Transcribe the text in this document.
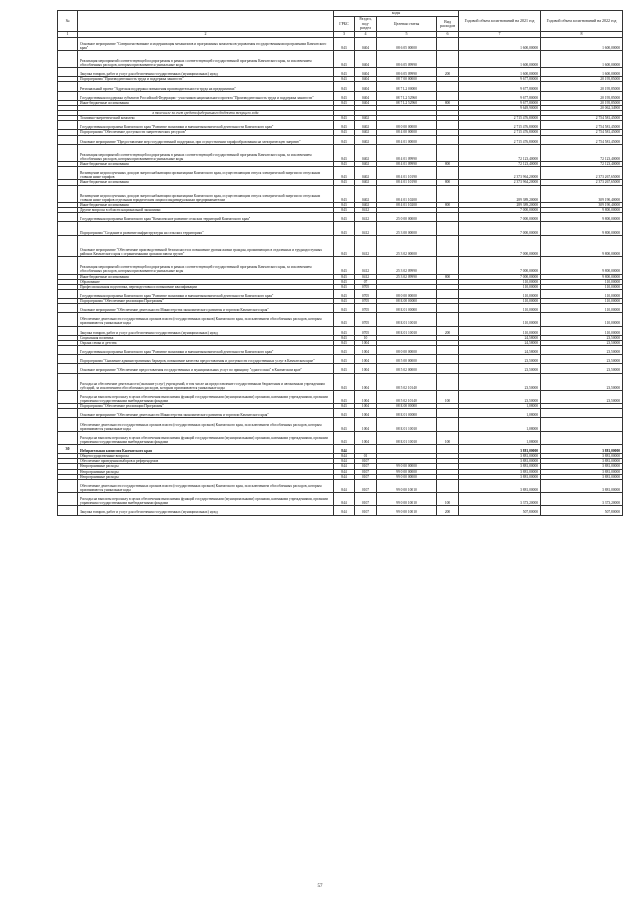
№		коды				Годовой объем ассигнований на 2021 год	Годовой объем ассигнований на 2022 год
		ГРБС	Раздел, под-раздел	Целевая статья	Вид расходов		
1	2	3	4	5	6	7	8
	Основное мероприятие "Совершенствование и модернизация механизмов и программных комплексов управления государственными программами Камчатского края"	843	0404	08 6 05 00000		1 600,00000	1 600,00000
	Реализация мероприятий соответствующей подпрограммы в рамках соответствующей государственной программы Камчатского края, за исключением обособленных расходов, которым присваиваются уникальные коды	843	0404	08 6 05 09990		1 600,00000	1 600,00000
	Закупка товаров, работ и услуг для обеспечения государственных (муниципальных) нужд	843	0404	08 6 05 09990	200	1 600,00000	1 600,00000
	Подпрограмма "Производительность труда и поддержка занятости"	843	0404	08 7 00 00000		9 677,80000	20 195,85000
	Региональный проект "Адресная поддержка повышения производительности труда на предприятиях"	843	0404	08 7 L2 00000		9 677,80000	20 195,85000
	Государственная поддержка субъектов Российской Федерации - участников национального проекта "Производительность труда и поддержка занятости"	843	0404	08 7 L2 52960		9 677,80000	20 195,85000
	Иные бюджетные ассигнования	843	0404	08 7 L2 52960	800	9 677,80000	20 195,85000
						9 649,90000	20 062,34900
	в том числе за счет средств федерального бюджета текущего года						
	Топливно-энергетический комплекс	843	0402			2 715 476,80000	2 754 581,45000
	Государственная программа Камчатского края "Развитие экономики и внешнеэкономической деятельности Камчатского края"	843	0402	08 0 00 00000		2 715 476,80000	2 754 581,45000
	Подпрограмма "Обеспечение доступности энергетических ресурсов"	843	0402	08 4 00 00000		2 715 476,80000	2 754 581,45000
	Основное мероприятие "Предоставление мер государственной поддержки, при осуществлении тарифообразования на электрическую энергию"	843	0402	08 4 01 00000		2 715 476,80000	2 754 581,45000
	Реализация мероприятий соответствующей подпрограммы в рамках соответствующей государственной программы Камчатского края, за исключением обособленных расходов, которым присваиваются уникальные коды	843	0402	08 4 01 09990		72 123,40000	72 123,40000
	Иные бюджетные ассигнования	843	0402	08 4 01 09990	800	72 123,40000	72 123,40000
	Возмещение недополученных доходов энергоснабжающим организациям Камчатского края, осуществляющим отпуск электрической энергии по отпускным ставкам ниже тарифов	843	0402	08 4 01 10190		2 373 964,20000	2 373 267,65000
	Иные бюджетные ассигнования	843	0402	08 4 01 10190	800	2 373 964,20000	2 373 267,65000
	Возмещение недополученных доходов энергоснабжающим организациям Камчатского края, осуществляющим отпуск электрической энергии по отпускным ставкам ниже тарифов отдельным юридическим лицам и индивидуальным предпринимателям	843	0402	08 4 01 10200		289 389,20000	309 190,40000
	Иные бюджетные ассигнования	843	0402	08 4 01 10200	800	289 389,20000	309 190,40000
	Другие вопросы в области национальной экономики	843	0412			7 000,00000	9 800,00000
	Государственная программа Камчатского края "Комплексное развитие сельских территорий Камчатского края"	843	0412	25 0 00 00000		7 000,00000	9 800,00000
	Подпрограмма "Создание и развитие инфраструктуры на сельских территориях"	843	0412	25 3 00 00000		7 000,00000	9 800,00000
	Основное мероприятие "Обеспечение производственной безопасности и повышение уровня жизни граждан, проживающих в отдаленных и труднодоступных районах Камчатского края с ограниченными сроками завоза грузов"	843	0412	25 3 02 00000		7 000,00000	9 800,00000
	Реализация мероприятий соответствующей подпрограммы в рамках соответствующей государственной программы Камчатского края, за исключением обособленных расходов, которым присваиваются уникальные коды	843	0412	25 3 02 09990		7 000,00000	9 800,00000
	Иные бюджетные ассигнования	843	0412	25 3 02 09990	800	7 000,00000	9 800,00000
	Образование	843	07			110,00000	110,00000
	Профессиональная подготовка, переподготовка и повышение квалификации	843	0705			110,00000	110,00000
	Государственная программа Камчатского края "Развитие экономики и внешнеэкономической деятельности Камчатского края"	843	0705	08 0 00 00000		110,00000	110,00000
	Подпрограмма "Обеспечение реализации Программы"	843	0705	08 Б 00 00000		110,00000	110,00000
	Основное мероприятие "Обеспечение деятельности Министерства экономического развития и торговли Камчатского края"	843	0705	08 Б 01 00000		110,00000	110,00000
	Обеспечение деятельности государственных органов власти (государственных органов) Камчатского края, за исключением обособленных расходов, которым присваиваются уникальные коды	843	0705	08 Б 01 10010		110,00000	110,00000
	Закупка товаров, работ и услуг для обеспечения государственных (муниципальных) нужд	843	0705	08 Б 01 10010	200	110,00000	110,00000
	Социальная политика	843	10			24,58000	23,50000
	Охрана семьи и детства	843	1004			24,58000	23,50000
	Государственная программа Камчатского края "Развитие экономики и внешнеэкономической деятельности Камчатского края"	843	1004	08 0 00 00000		24,58000	23,50000
	Подпрограмма "Снижение административных барьеров, повышение качества предоставления и доступности государственных услуг в Камчатском крае"	843	1004	08 5 00 00000		23,50000	23,50000
	Основное мероприятие "Обеспечение предоставления государственных и муниципальных услуг по принципу "одного окна" в Камчатском крае"	843	1004	08 5 02 00000		23,50000	23,50000
	Расходы на обеспечение деятельности (оказание услуг) учреждений, в том числе на предоставление государственным бюджетным и автономным учреждениям субсидий, за исключением обособленных расходов, которым присваиваются уникальные коды	843	1004	08 5 02 10140		23,50000	23,50000
	Расходы на выплаты персоналу в целях обеспечения выполнения функций государственными (муниципальными) органами, казенными учреждениями, органами управления государственными внебюджетными фондами	843	1004	08 5 02 10140	100	23,50000	23,50000
	Подпрограмма "Обеспечение реализации Программы"	843	1004	08 Б 00 00000		1,08000	
	Основное мероприятие "Обеспечение деятельности Министерства экономического развития и торговли Камчатского края"	843	1004	08 Б 01 00000		1,08000	
	Обеспечение деятельности государственных органов власти (государственных органов) Камчатского края, за исключением обособленных расходов, которым присваиваются уникальные коды	843	1004	08 Б 01 10010		1,08000	
	Расходы на выплаты персоналу в целях обеспечения выполнения функций государственными (муниципальными) органами, казенными учреждениями, органами управления государственными внебюджетными фондами	843	1004	08 Б 01 10010	100	1,08000	
30	Избирательная комиссия Камчатского края	844				3 881,00000	3 881,00000
	Общегосударственные вопросы	844	01			3 881,00000	3 881,00000
	Обеспечение проведения выборов и референдумов	844	0107			3 881,00000	3 881,00000
	Непрограммные расходы	844	0107	99 0 00 00000		3 881,00000	3 881,00000
	Непрограммные расходы	844	0107	99 0 00 00000		3 881,00000	3 881,00000
	Непрограммные расходы	844	0107	99 0 00 00000		3 881,00000	3 881,00000
	Обеспечение деятельности государственных органов власти (государственных органов) Камчатского края, за исключением обособленных расходов, которым присваиваются уникальные коды	844	0107	99 0 00 10010		3 881,00000	3 881,00000
	Расходы на выплаты персоналу в целях обеспечения выполнения функций государственными (муниципальными) органами, казенными учреждениями, органами управления государственными внебюджетными фондами	844	0107	99 0 00 10010	100	3 373,20000	3 373,20000
	Закупка товаров, работ и услуг для обеспечения государственных (муниципальных) нужд	844	0107	99 0 00 10010	200	507,80000	507,80000
57
